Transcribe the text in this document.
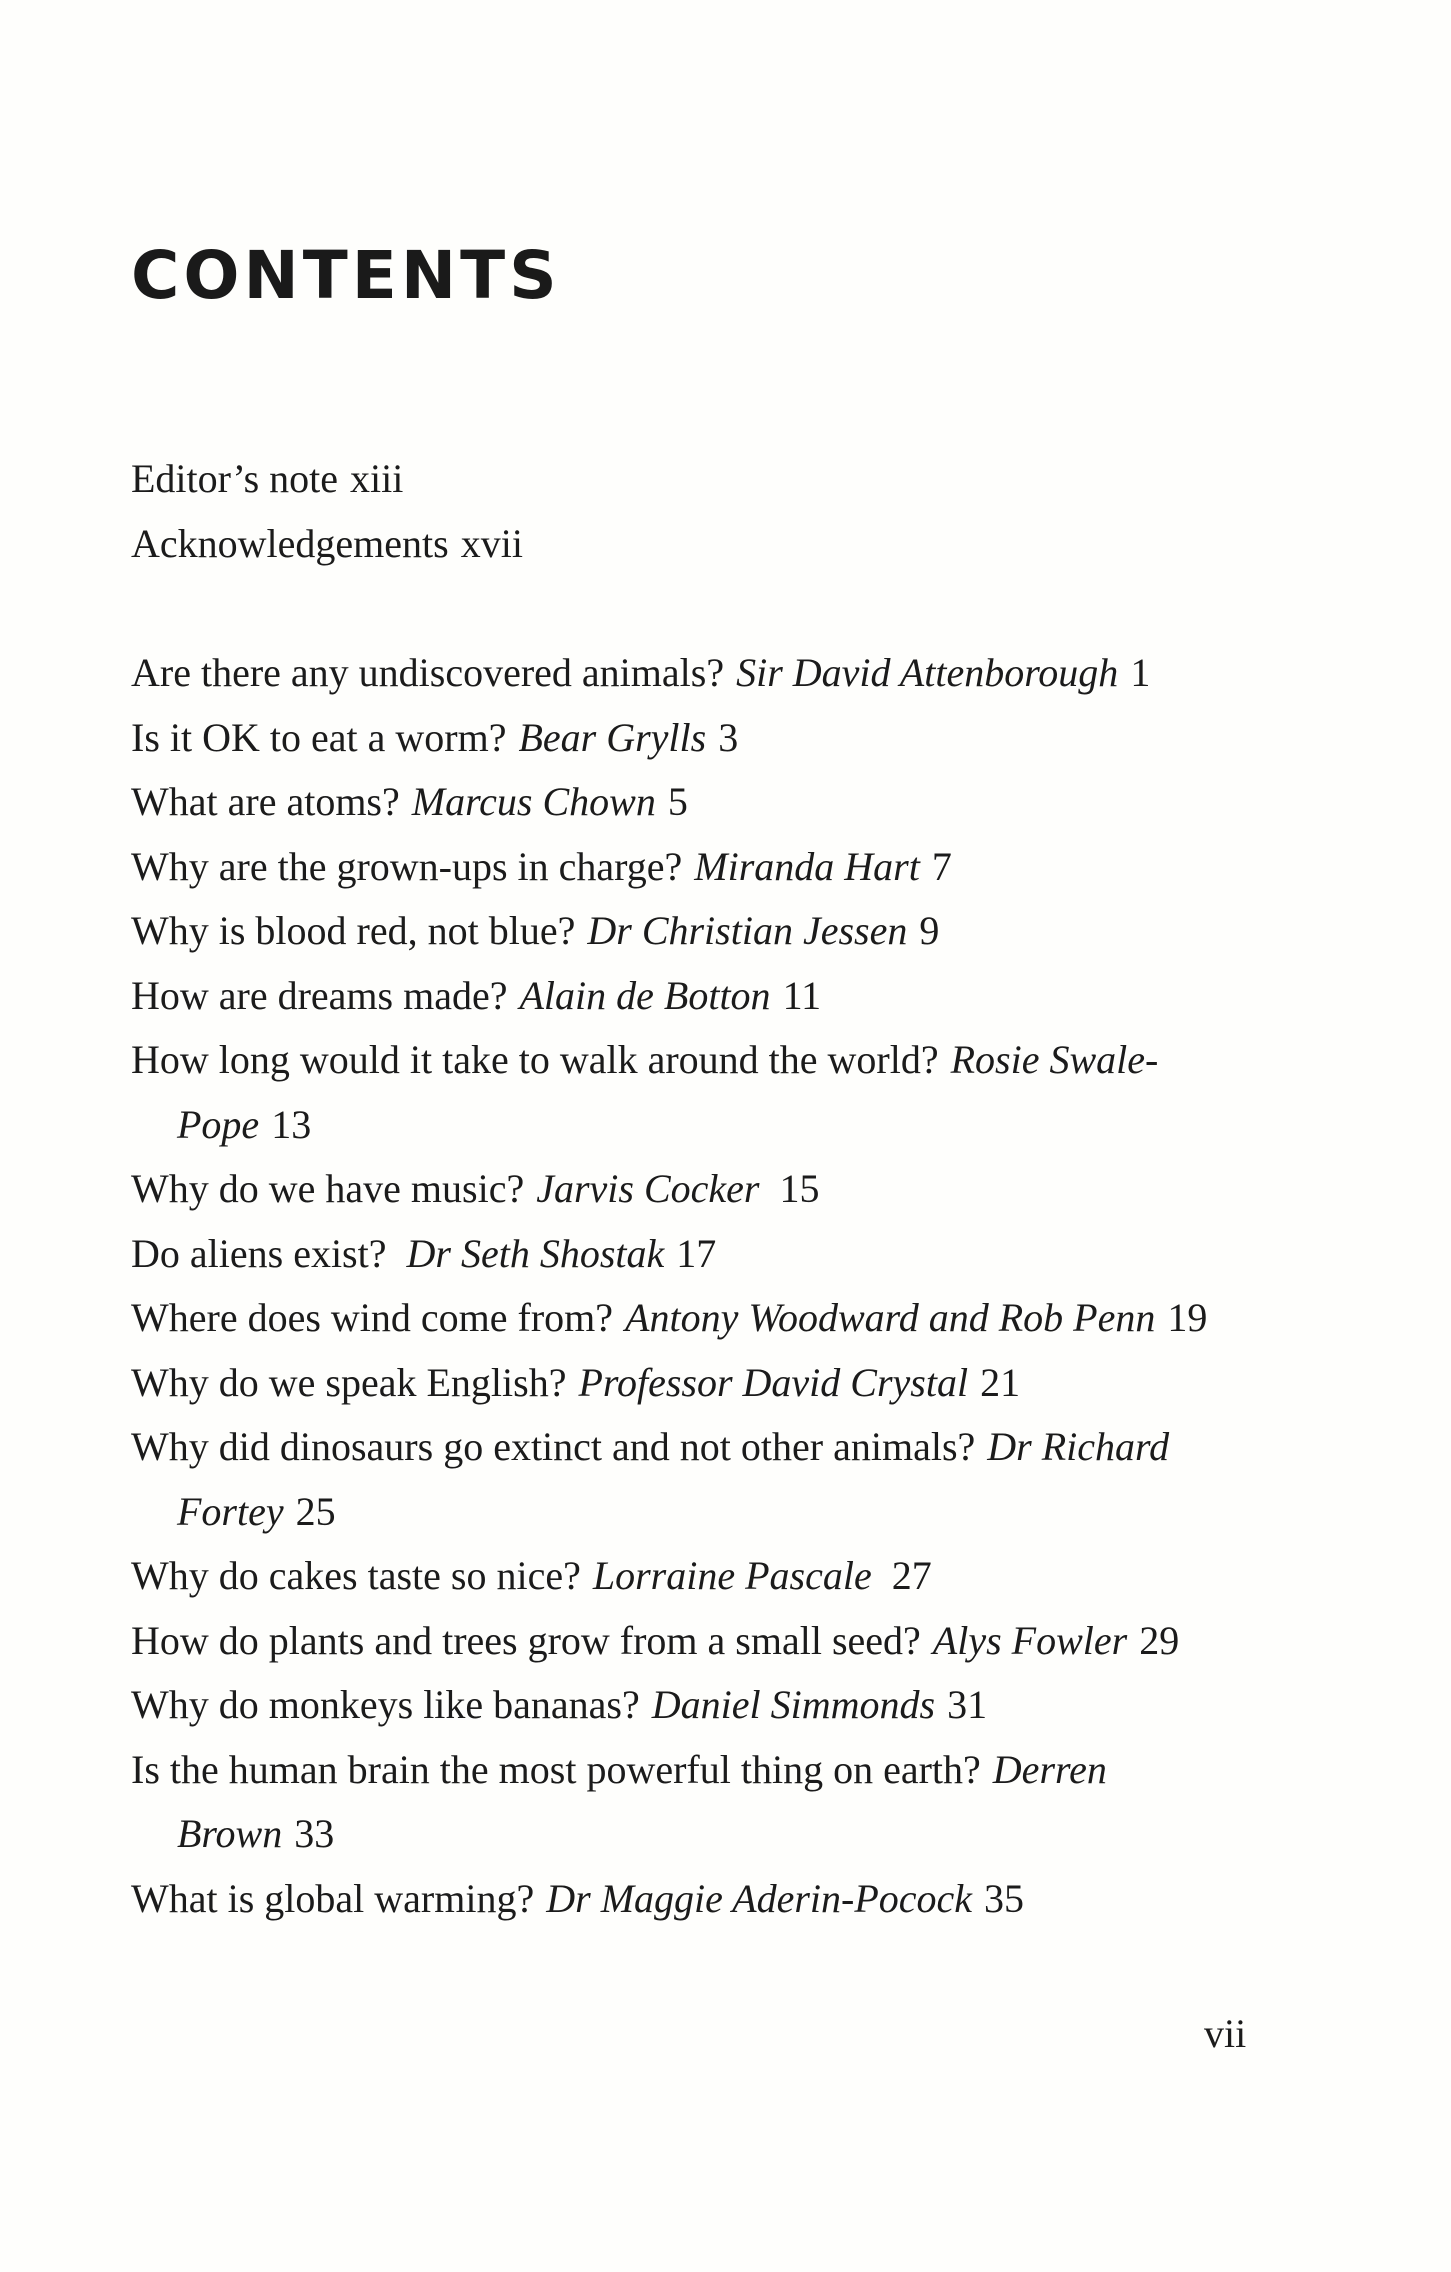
CONTENTS
Editor’s note xiii
Acknowledgements xvii
Are there any undiscovered animals? Sir David Attenborough 1
Is it OK to eat a worm? Bear Grylls 3
What are atoms? Marcus Chown 5
Why are the grown-ups in charge? Miranda Hart 7
Why is blood red, not blue? Dr Christian Jessen 9
How are dreams made? Alain de Botton 11
How long would it take to walk around the world? Rosie Swale-
Pope 13
Why do we have music? Jarvis Cocker 15
Do aliens exist? Dr Seth Shostak 17
Where does wind come from? Antony Woodward and Rob Penn 19
Why do we speak English? Professor David Crystal 21
Why did dinosaurs go extinct and not other animals? Dr Richard
Fortey 25
Why do cakes taste so nice? Lorraine Pascale 27
How do plants and trees grow from a small seed? Alys Fowler 29
Why do monkeys like bananas? Daniel Simmonds 31
Is the human brain the most powerful thing on earth? Derren
Brown 33
What is global warming? Dr Maggie Aderin-Pocock 35
vii
